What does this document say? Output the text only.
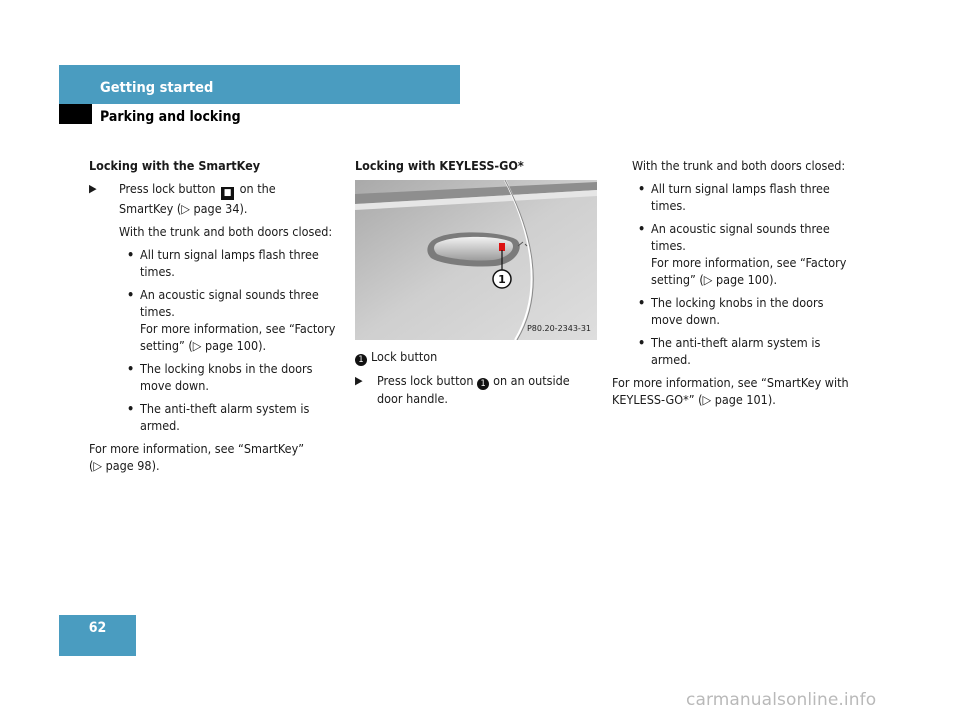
Getting started
Parking and locking
Locking with the SmartKey
▶ Press lock button ■ on the
SmartKey (▷ page 34).
With the trunk and both doors closed:
• All turn signal lamps flash three
times.
• An acoustic signal sounds three
times.
For more information, see “Factory
setting” (▷ page 100).
• The locking knobs in the doors
move down.
• The anti-theft alarm system is
armed.
For more information, see “SmartKey”
(▷ page 98).
Locking with KEYLESS-GO*
1
P80.20-2343-31
1 Lock button
▶ Press lock button 1 on an outside
door handle.
With the trunk and both doors closed:
• All turn signal lamps flash three
times.
• An acoustic signal sounds three
times.
For more information, see “Factory
setting” (▷ page 100).
• The locking knobs in the doors
move down.
• The anti-theft alarm system is
armed.
For more information, see “SmartKey with
KEYLESS-GO*” (▷ page 101).
62
carmanualsonline.info
